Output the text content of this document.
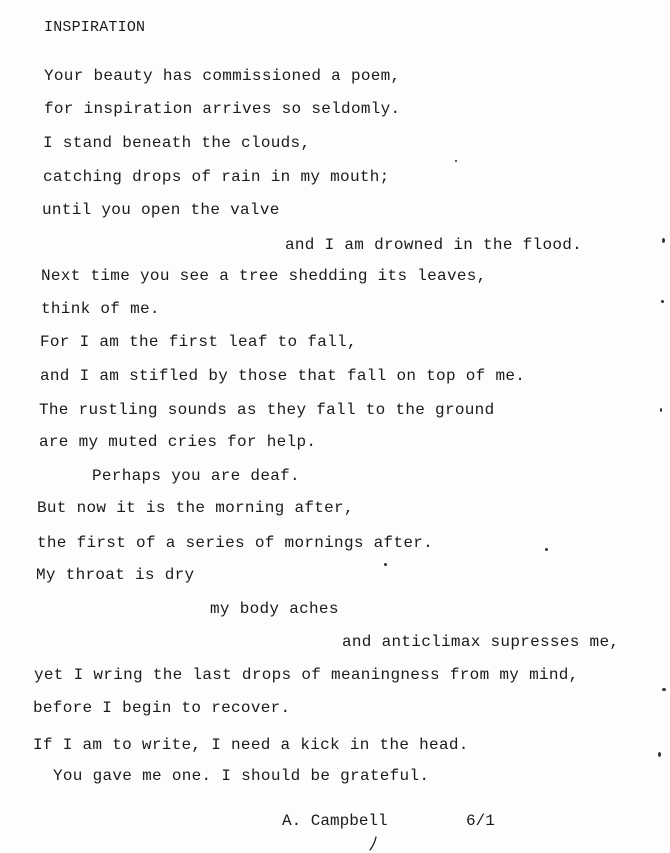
INSPIRATION
Your beauty has commissioned a poem,
for inspiration arrives so seldomly.
I stand beneath the clouds,
catching drops of rain in my mouth;
until you open the valve
and I am drowned in the flood.
Next time you see a tree shedding its leaves,
think of me.
For I am the first leaf to fall,
and I am stifled by those that fall on top of me.
The rustling sounds as they fall to the ground
are my muted cries for help.
Perhaps you are deaf.
But now it is the morning after,
the first of a series of mornings after.
My throat is dry
my body aches
and anticlimax supresses me,
yet I wring the last drops of meaningness from my mind,
before I begin to recover.
If I am to write, I need a kick in the head.
You gave me one. I should be grateful.
A. Campbell	6/1
